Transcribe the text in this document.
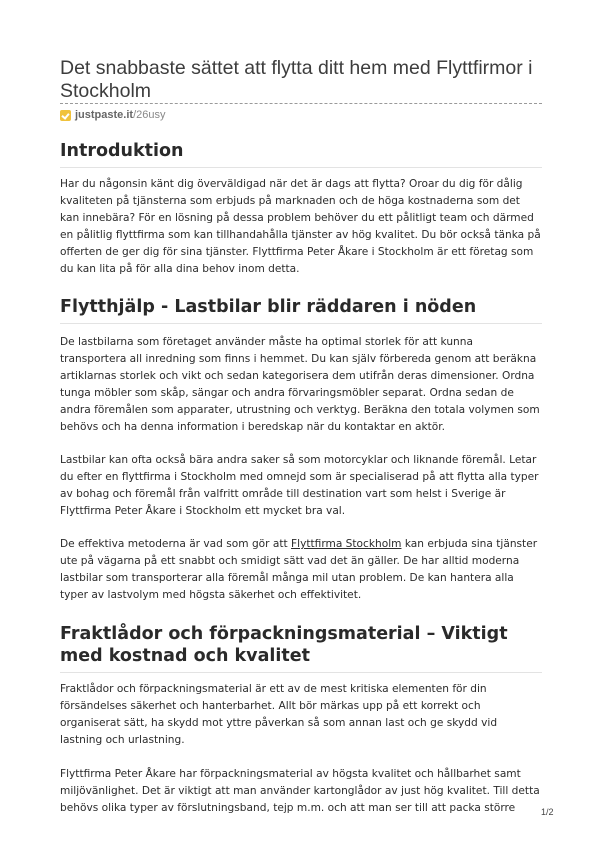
Det snabbaste sättet att flytta ditt hem med Flyttfirmor i Stockholm
justpaste.it /26usy
Introduktion

Har du någonsin känt dig överväldigad när det är dags att flytta? Oroar du dig för dålig kvaliteten på tjänsterna som erbjuds på marknaden och de höga kostnaderna som det kan innebära? För en lösning på dessa problem behöver du ett pålitligt team och därmed en pålitlig flyttfirma som kan tillhandahålla tjänster av hög kvalitet. Du bör också tänka på offerten de ger dig för sina tjänster. Flyttfirma Peter Åkare i Stockholm är ett företag som du kan lita på för alla dina behov inom detta.

Flytthjälp - Lastbilar blir räddaren i nöden

De lastbilarna som företaget använder måste ha optimal storlek för att kunna transportera all inredning som finns i hemmet. Du kan själv förbereda genom att beräkna artiklarnas storlek och vikt och sedan kategorisera dem utifrån deras dimensioner. Ordna tunga möbler som skåp, sängar och andra förvaringsmöbler separat. Ordna sedan de andra föremålen som apparater, utrustning och verktyg. Beräkna den totala volymen som behövs och ha denna information i beredskap när du kontaktar en aktör.

Lastbilar kan ofta också bära andra saker så som motorcyklar och liknande föremål. Letar du efter en flyttfirma i Stockholm med omnejd som är specialiserad på att flytta alla typer av bohag och föremål från valfritt område till destination vart som helst i Sverige är Flyttfirma Peter Åkare i Stockholm ett mycket bra val.

De effektiva metoderna är vad som gör att Flyttfirma Stockholm kan erbjuda sina tjänster ute på vägarna på ett snabbt och smidigt sätt vad det än gäller. De har alltid moderna lastbilar som transporterar alla föremål många mil utan problem. De kan hantera alla typer av lastvolym med högsta säkerhet och effektivitet.

Fraktlådor och förpackningsmaterial – Viktigt med kostnad och kvalitet

Fraktlådor och förpackningsmaterial är ett av de mest kritiska elementen för din försändelses säkerhet och hanterbarhet. Allt bör märkas upp på ett korrekt och organiserat sätt, ha skydd mot yttre påverkan så som annan last och ge skydd vid lastning och urlastning.

Flyttfirma Peter Åkare har förpackningsmaterial av högsta kvalitet och hållbarhet samt miljövänlighet. Det är viktigt att man använder kartonglådor av just hög kvalitet. Till detta behövs olika typer av förslutningsband, tejp m.m. och att man ser till att packa större	1/2
